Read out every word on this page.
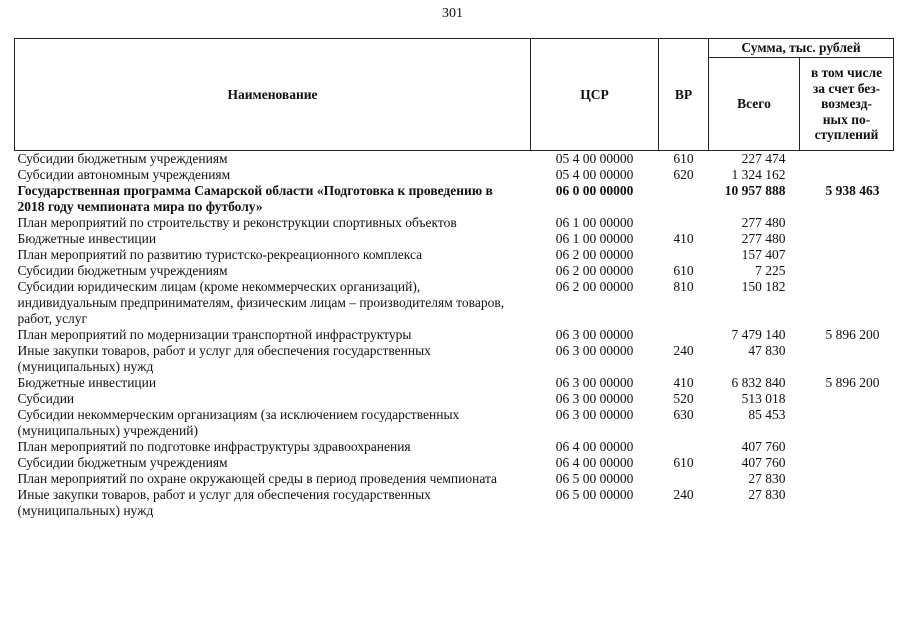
301
Наименование	ЦСР	ВР	Сумма, тыс. рублей	
			Всего	в том числе
за счет без-
возмезд-
ных по-
ступлений

Субсидии бюджетным учреждениям	05 4 00 00000	610	227 474	
Субсидии автономным учреждениям	05 4 00 00000	620	1 324 162	
Государственная программа Самарской области «Подготовка к проведению в 2018 году чемпионата мира по футболу»	06 0 00 00000		10 957 888	5 938 463
План мероприятий по строительству и реконструкции спортивных объектов	06 1 00 00000		277 480	
Бюджетные инвестиции	06 1 00 00000	410	277 480	
План мероприятий по развитию туристско-рекреационного комплекса	06 2 00 00000		157 407	
Субсидии бюджетным учреждениям	06 2 00 00000	610	7 225	
Субсидии юридическим лицам (кроме некоммерческих организаций), индивидуальным предпринимателям, физическим лицам – производителям товаров, работ, услуг	06 2 00 00000	810	150 182	
План мероприятий по модернизации транспортной инфраструктуры	06 3 00 00000		7 479 140	5 896 200
Иные закупки товаров, работ и услуг для обеспечения государственных (муниципальных) нужд	06 3 00 00000	240	47 830	
Бюджетные инвестиции	06 3 00 00000	410	6 832 840	5 896 200
Субсидии	06 3 00 00000	520	513 018	
Субсидии некоммерческим организациям (за исключением государственных (муниципальных) учреждений)	06 3 00 00000	630	85 453	
План мероприятий по подготовке инфраструктуры здравоохранения	06 4 00 00000		407 760	
Субсидии бюджетным учреждениям	06 4 00 00000	610	407 760	
План мероприятий по охране окружающей среды в период проведения чемпионата	06 5 00 00000		27 830	
Иные закупки товаров, работ и услуг для обеспечения государственных (муниципальных) нужд	06 5 00 00000	240	27 830	
